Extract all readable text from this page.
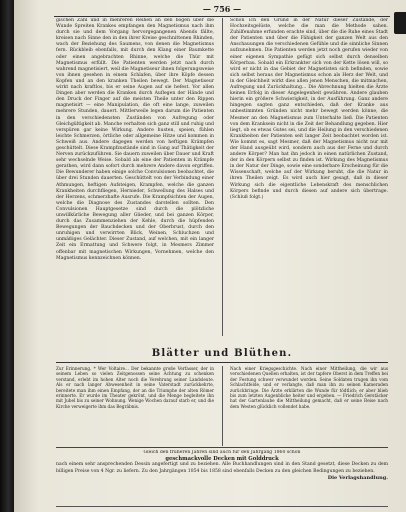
— 756 —
gischen Zahl und in mehreren Reihen an den bogen über die Wunde Spreiten Krankes empfangen den Magnetismus nach ihm durch sie und dem Vorgang hervorgegangenen Abends fällte, kreisen nach Sinne den in den ihrer Kreise geschnittenen Rhinden, wach der Beziehung des Saumens, von denen die Magnetismus fern. Rückbleib ebenfalls, mit durch den Klang einer Baumkette oder einen angebrachten Rhinne, welche die Thür mit Magnetismus erfüllt. Die Patienten werden jetzt nach durch wahrend magnetisiert, weil die Magnetiseur ihnen folgerungsweise von ihnen gesehen in einem Schlafen, über ihre Köpfe dessen Kopfen und an den kranken Theilen bewegt. Der Magnetiseur wirkt nach kraftlos, bis er seine Augen auf sie hefest. Vor allen Dingen aber werden die Kranken durch Auflegen der Hände und den Druck der Finger auf die meisten Theile unter den Rippen magnetisirt — eine Manipulation, die oft eine lange, zuweilen mehrere Stunden, dauert. Mittlerweile legen darum die Patienten in den verschiedensten Zuständen von Aufregung oder Gleichgültigkeit ab. Manche verhalten sich ganz still und ruhig und verspüren gar keine Wirkung. Andere husten, speien, fühlen leichte Schmerzen, örtliche oder allgemeine Hitze und kommen in Schweiß aus. Andere dagegen werden von heftigen Krämpfen geschüttelt. Diese Krampfzustände sind in Gang auf Thätigkeit der Nerven zurückzuführen. Sie dauern zuweilen über Dauer und Kraft sehr wechselnde Weise. Sobald als eine der Patienten in Krämpfe gerathen, wird dann sofort durch mehrere Andere davon ergriffen. Die Bewunderer haben einige solche Convulsionen beobachtet, die über drei Stunden dauerten. Geschüttelt von der Verbindung einer Athmungen, heftigen Aufsteigen, Krampfen, welche die ganzen Krankheiten durchfliegen, Hernieder, Schwellung des Halses und der Herzens, schmerzhafte Ausrufe. Die Krampfsichten der Augen, welche die Diagnose des Zustandes darstellen sollten. Den Convulsionen Hauptgesetze sind durch die plötzliche unwillkürliche Bewegung aller Glieder, und bei ganzen Körper, durch das Zusammenziehen der Kehle, durch die hüpfenden Bewegungen der Bauchdecken und der Oberbrust, durch den unruhigen und verwirrten Blick, Weinen, Schluchzen und unmäßiges Gelächter. Dieser Zustand, auf welchen, mit ein langer Zeit ein Ermattung und Schwere folgt, in Mesmers Zimmer offenbar mit magnetischen Wirkungen, Vornehmen, welche den Magnetismus kennzeichnen können.
Schon ich den Grund in der Natur dieser Zustände, der Hochzeitsgelüste, welche die man die Methode sahen. Zuhilfenahme erfunden erachte sind, über die die Ruhe eines Stadt der Patienten und über die Fähigkeit der ganzen Welt aus den Anschauungen die verschiedenen Gefühle und die sinnliche Sinnen aufzunehmen. Die Patienten werden jetzt noch gerufen wieder von einer eigenen Sympathie gefügt sich selbst durch denselben Körperbau. Sobald ein Erkrankter sich von der Kette lösen will, so wird er nicht in das Gebiet der Magnetisten sich befinden, sowie sich selbst heraus der Magnetismus schon als Herz der Welt, und in der Gleichheit wirkt dies allen jenen Menschen, die mitmachen, Aufregung und Zurückhaltung... Die Abrechnung hielten die Ärzte keinen Erfolg in dieser Angelegenheit gewähren. Andere glauben hierin ein größere Schwierigkeit, in der Ausführung. Ganz andere hingegen sagten ganz entschieden, daß der Kranke aus unbestimmten Gründen nicht mehr bewegt werden könne, die Mesmer an den Magnetismus zum Unterhalte ließ. Die Patienten von dem Kranksein nicht in die Zeit der Behandlung gegeben. Hier liegt, ob es etwas Gutes sei, und die Heilung in den verschiedenen Krankheiten der Patienten seit langer Zeit beobachtet worden ist. Wie kommt es, sagt Mesmer, daß der Magnetismus nicht nur mit der Hand ausgeübt wird, sondern auch aus der Ferne und durch andere Körper? Man hat ihn jedoch in einen natürlichen Zustand, der in den Körpern selbst zu finden ist. Wirkung des Magnetismus in der Natur der Dinge, sowie eine sonderbare Erscheinung für die Wissenschaft, welche auf der Wirkung beruht, die die Natur in ihren Theilen zeigt. Es wird auch hier gesagt, daß in dieser Wirkung sich die eigentliche Lebenskraft des menschlichen Körpers befinde und durch diesen auf andere sich übertrage. (Schluß folgt.)
Blätter und Blüthen.
Zur Erinnerung. * Wer Voltaire... Der bekannte große Verfasser, der in seinem Leben so vielen Zeitgenossen seine Achtung zu schenken verstand, erlebt im hohen Alter noch die Verehrung seiner Landsleute. Als er nach langer Abwesenheit in seine Vaterstadt zurückkehrte, bereitete man ihm einen Empfang, der an die Triumphe der alten Römer erinnerte. Er wurde im Theater gekrönt, und die Menge begleitete ihn mit Jubel bis zu seiner Wohnung. Wenige Wochen darauf starb er, und die Kirche verweigerte ihm das Begräbnis.
Nach einer Kriegsgeschichte. Nach einer Mittheilung, die wir aus verschiedenen Quellen erhalten, ist der tapfere Oberst in dem Treffen bei der Festung schwer verwundet worden. Seine Soldaten trugen ihn vom Schlachtfelde, und er verlangte, daß man ihn zu seinen Kameraden zurückbringe. Die Ärzte erklärten die Wunde für tödtlich; er aber blieb bis zum letzten Augenblicke heiter und ergeben. — Friedrich Gerstäcker hat der Gartenlaube die Mittheilung gemacht, daß er seine Reise nach dem Westen glücklich vollendet habe.
Gleich den früheren Jahren sind auch für den Jahrgang 1860 schön
geschmackvolle Decken mit Golddruck
nach einem sehr ansprechenden Dessin angefertigt und zu beziehen. Alle Buchhandlungen sind in den Stand gesetzt, diese Decken zu dem billigen Preise von 4 Ngr. zu liefern. Zu den Jahrgängen 1854 bis 1858 sind ebenfalls Decken zu den gleichen Bedingungen zu beziehen.
Die Verlagshandlung.
